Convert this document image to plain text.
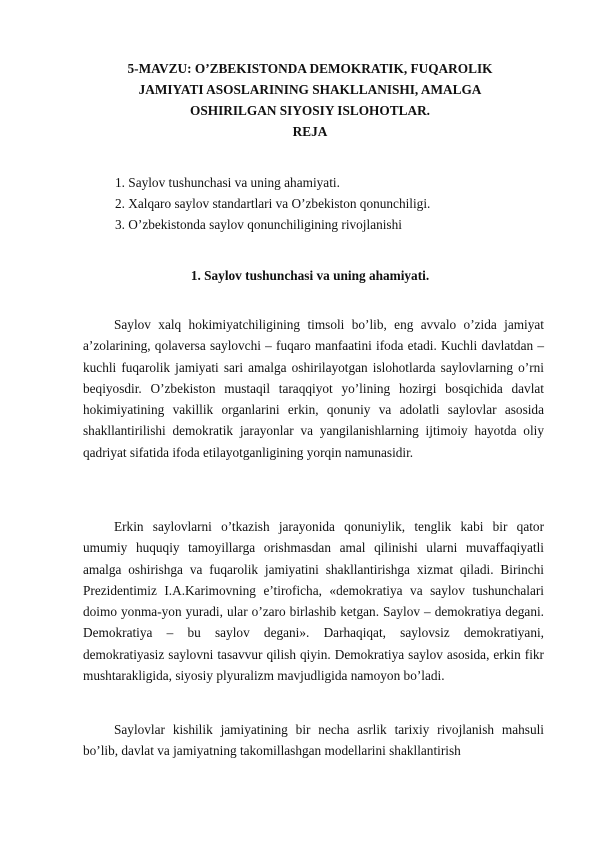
5-MAVZU: O’ZBEKISTONDA DEMOKRATIK, FUQAROLIK
JAMIYATI ASOSLARINING SHAKLLANISHI, AMALGA
OSHIRILGAN SIYOSIY ISLOHOTLAR.
REJA
1. Saylov tushunchasi va uning ahamiyati.
2. Xalqaro saylov standartlari va O’zbekiston qonunchiligi.
3. O’zbekistonda saylov qonunchiligining rivojlanishi
1. Saylov tushunchasi va uning ahamiyati.

Saylov xalq hokimiyatchiligining timsoli bo’lib, eng avvalo o’zida jamiyat a’zolarining, qolaversa saylovchi – fuqaro manfaatini ifoda etadi. Kuchli davlatdan – kuchli fuqarolik jamiyati sari amalga oshirilayotgan islohotlarda saylovlarning o’rni beqiyosdir. O’zbekiston mustaqil taraqqiyot yo’lining hozirgi bosqichida davlat hokimiyatining vakillik organlarini erkin, qonuniy va adolatli saylovlar asosida shakllantirilishi demokratik jarayonlar va yangilanishlarning ijtimoiy hayotda oliy qadriyat sifatida ifoda etilayotganligining yorqin namunasidir.

Erkin saylovlarni o’tkazish jarayonida qonuniylik, tenglik kabi bir qator umumiy huquqiy tamoyillarga orishmasdan amal qilinishi ularni muvaffaqiyatli amalga oshirishga va fuqarolik jamiyatini shakllantirishga xizmat qiladi. Birinchi Prezidentimiz I.A.Karimovning e’tiroficha, «demokratiya va saylov tushunchalari doimo yonma-yon yuradi, ular o’zaro birlashib ketgan. Saylov – demokratiya degani. Demokratiya – bu saylov degani». Darhaqiqat, saylovsiz demokratiyani, demokratiyasiz saylovni tasavvur qilish qiyin. Demokratiya saylov asosida, erkin fikr mushtarakligida, siyosiy plyuralizm mavjudligida namoyon bo’ladi.

Saylovlar kishilik jamiyatining bir necha asrlik tarixiy rivojlanish mahsuli bo’lib, davlat va jamiyatning takomillashgan modellarini shakllantirish
